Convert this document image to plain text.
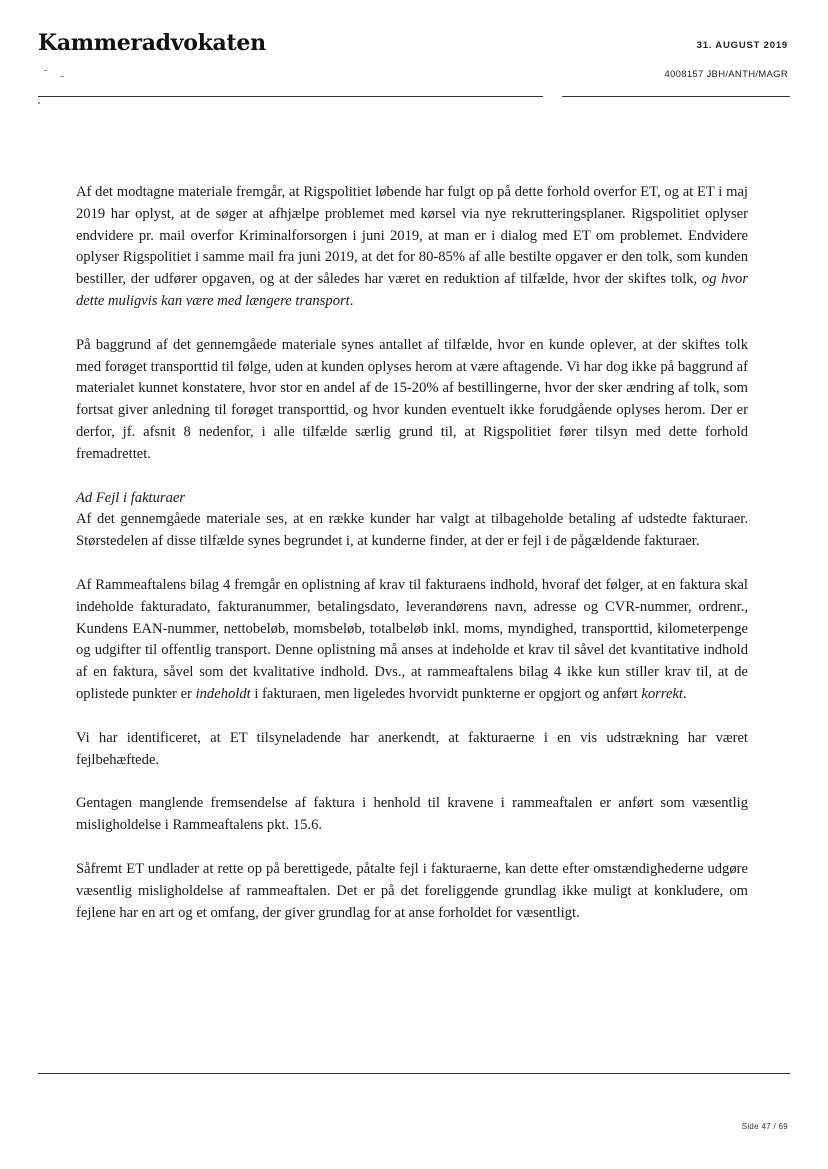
Kammeradvokaten	31. AUGUST 2019
4008157 JBH/ANTH/MAGR

Af det modtagne materiale fremgår, at Rigspolitiet løbende har fulgt op på dette forhold overfor ET, og at ET i maj 2019 har oplyst, at de søger at afhjælpe problemet med kørsel via nye rekrutteringsplaner. Rigspolitiet oplyser endvidere pr. mail overfor Kriminalforsorgen i juni 2019, at man er i dialog med ET om problemet. Endvidere oplyser Rigspolitiet i samme mail fra juni 2019, at det for 80-85% af alle bestilte opgaver er den tolk, som kunden bestiller, der udfører opgaven, og at der således har været en reduktion af tilfælde, hvor der skiftes tolk, og hvor dette muligvis kan være med længere transport.

På baggrund af det gennemgåede materiale synes antallet af tilfælde, hvor en kunde oplever, at der skiftes tolk med forøget transporttid til følge, uden at kunden oplyses herom at være aftagende. Vi har dog ikke på baggrund af materialet kunnet konstatere, hvor stor en andel af de 15-20% af bestillingerne, hvor der sker ændring af tolk, som fortsat giver anledning til forøget transporttid, og hvor kunden eventuelt ikke forudgående oplyses herom. Der er derfor, jf. afsnit 8 nedenfor, i alle tilfælde særlig grund til, at Rigspolitiet fører tilsyn med dette forhold fremadrettet.

Ad Fejl i fakturaer

Af det gennemgåede materiale ses, at en række kunder har valgt at tilbageholde betaling af udstedte fakturaer. Størstedelen af disse tilfælde synes begrundet i, at kunderne finder, at der er fejl i de pågældende fakturaer.

Af Rammeaftalens bilag 4 fremgår en oplistning af krav til fakturaens indhold, hvoraf det følger, at en faktura skal indeholde fakturadato, fakturanummer, betalingsdato, leverandørens navn, adresse og CVR-nummer, ordrenr., Kundens EAN-nummer, nettobeløb, momsbeløb, totalbeløb inkl. moms, myndighed, transporttid, kilometerpenge og udgifter til offentlig transport. Denne oplistning må anses at indeholde et krav til såvel det kvantitative indhold af en faktura, såvel som det kvalitative indhold. Dvs., at rammeaftalens bilag 4 ikke kun stiller krav til, at de oplistede punkter er indeholdt i fakturaen, men ligeledes hvorvidt punkterne er opgjort og anført korrekt.

Vi har identificeret, at ET tilsyneladende har anerkendt, at fakturaerne i en vis udstrækning har været fejlbehæftede.

Gentagen manglende fremsendelse af faktura i henhold til kravene i rammeaftalen er anført som væsentlig misligholdelse i Rammeaftalens pkt. 15.6.

Såfremt ET undlader at rette op på berettigede, påtalte fejl i fakturaerne, kan dette efter omstændighederne udgøre væsentlig misligholdelse af rammeaftalen. Det er på det foreliggende grundlag ikke muligt at konkludere, om fejlene har en art og et omfang, der giver grundlag for at anse forholdet for væsentligt.

Side 47 / 69
